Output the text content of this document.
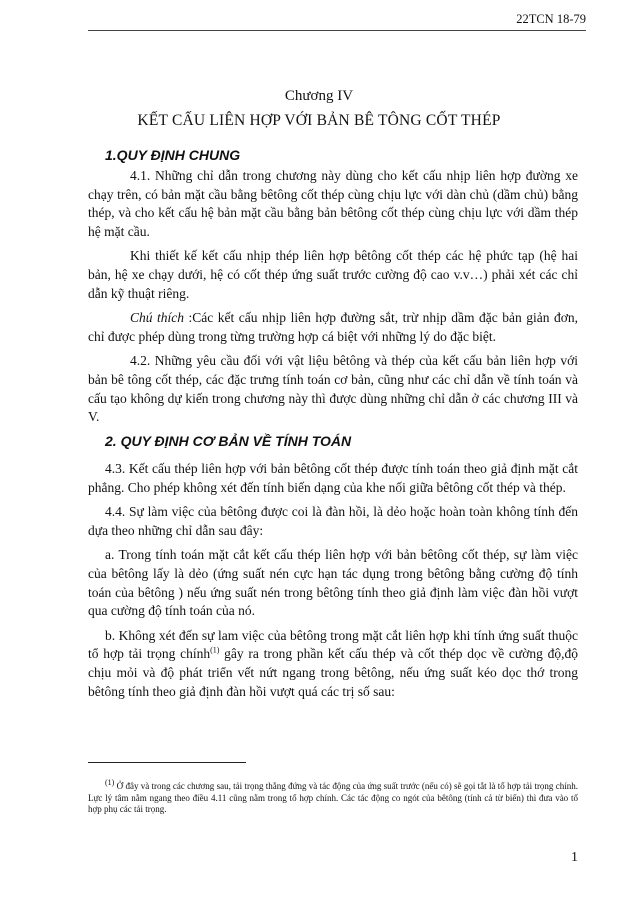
22TCN 18-79
Chương IV
KẾT CẤU LIÊN HỢP VỚI BẢN BÊ TÔNG CỐT THÉP
1.QUY ĐỊNH CHUNG

4.1. Những chỉ dẫn trong chương này dùng cho kết cấu nhịp liên hợp đường xe chạy trên, có bản mặt cầu bằng bêtông cốt thép cùng chịu lực với dàn chủ (dầm chủ) bằng thép, và cho kết cấu hệ bản mặt cầu bằng bản bêtông cốt thép cùng chịu lực với dầm thép hệ mặt cầu.

Khi thiết kế kết cấu nhịp thép liên hợp bêtông cốt thép các hệ phức tạp (hệ hai bản, hệ xe chạy dưới, hệ có cốt thép ứng suất trước cường độ cao v.v…) phải xét các chỉ dẫn kỹ thuật riêng.

Chú thích :Các kết cấu nhịp liên hợp đường sắt, trừ nhịp dầm đặc bản giản đơn, chỉ được phép dùng trong từng trường hợp cá biệt với những lý do đặc biệt.

4.2. Những yêu cầu đối với vật liệu bêtông và thép của kết cấu bản liên hợp với bản bê tông cốt thép, các đặc trưng tính toán cơ bản, cũng như các chỉ dẫn về tính toán và cấu tạo không dự kiến trong chương này thì được dùng những chỉ dẫn ở các chương III và V.

2. QUY ĐỊNH CƠ BẢN VỀ TÍNH TOÁN

4.3. Kết cấu thép liên hợp với bản bêtông cốt thép được tính toán theo giả định mặt cắt phẳng. Cho phép không xét đến tính biến dạng của khe nối giữa bêtông cốt thép và thép.

4.4. Sự làm việc của bêtông được coi là đàn hồi, là dẻo hoặc hoàn toàn không tính đến dựa theo những chỉ dẫn sau đây:

a. Trong tính toán mặt cắt kết cấu thép liên hợp với bản bêtông cốt thép, sự làm việc của bêtông lấy là dẻo (ứng suất nén cực hạn tác dụng trong bêtông bằng cường độ tính toán của bêtông ) nếu ứng suất nén trong bêtông tính theo giả định làm việc đàn hồi vượt qua cường độ tính toán của nó.

b. Không xét đến sự lam việc của bêtông trong mặt cắt liên hợp khi tính ứng suất thuộc tổ hợp tải trọng chính$^{(1)}$ gây ra trong phần kết cấu thép và cốt thép dọc về cường độ,độ chịu mỏi và độ phát triển vết nứt ngang trong bêtông, nếu ứng suất kéo dọc thớ trong bêtông tính theo giả định đàn hồi vượt quá các trị số sau:

$^{(1)}$ Ở đây và trong các chương sau, tải trọng thẳng đứng và tác động của ứng suất trước (nếu có) sẽ gọi tắt là tổ hợp tải trọng chính. Lực lý tâm nằm ngang theo điều 4.11 cũng nằm trong tổ hợp chính. Các tác động co ngót của bêtông (tính cả từ biến) thì đưa vào tổ hợp phụ các tải trọng.
1
